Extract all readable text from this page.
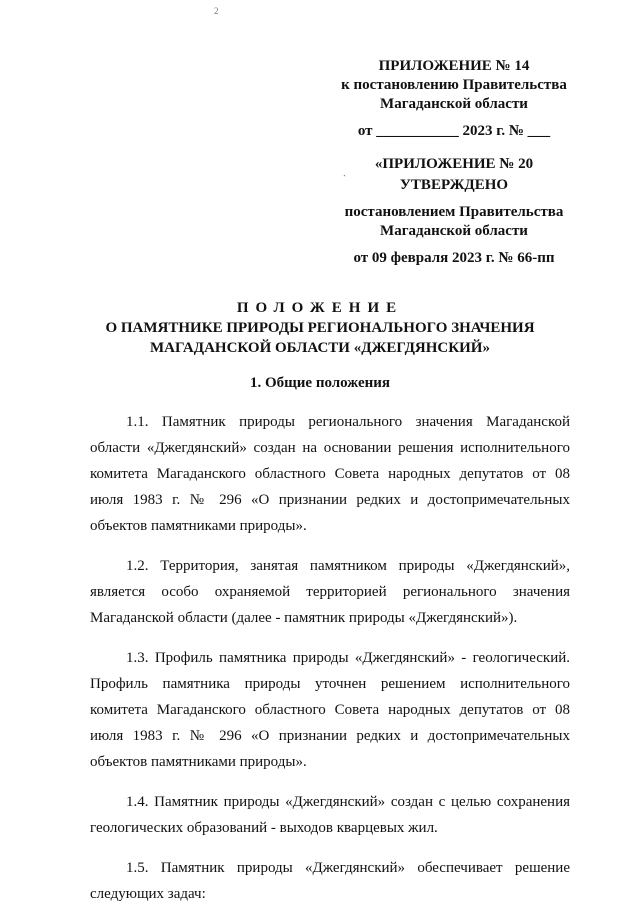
2
ПРИЛОЖЕНИЕ № 14
к постановлению Правительства
Магаданской области
от ___________ 2023 г. № ___
«ПРИЛОЖЕНИЕ № 20
ˏ
УТВЕРЖДЕНО
постановлением Правительства
Магаданской области
от 09 февраля 2023 г. № 66-пп
ПОЛОЖЕНИЕ
О ПАМЯТНИКЕ ПРИРОДЫ РЕГИОНАЛЬНОГО ЗНАЧЕНИЯ
МАГАДАНСКОЙ ОБЛАСТИ «ДЖЕГДЯНСКИЙ»
1. Общие положения

1.1. Памятник природы регионального значения Магаданской области «Джегдянский» создан на основании решения исполнительного комитета Магаданского областного Совета народных депутатов от 08 июля 1983 г. № 296 «О признании редких и достопримечательных объектов памятниками природы».

1.2. Территория, занятая памятником природы «Джегдянский», является особо охраняемой территорией регионального значения Магаданской области (далее - памятник природы «Джегдянский»).

1.3. Профиль памятника природы «Джегдянский» - геологический. Профиль памятника природы уточнен решением исполнительного комитета Магаданского областного Совета народных депутатов от 08 июля 1983 г. № 296 «О признании редких и достопримечательных объектов памятниками природы».

1.4. Памятник природы «Джегдянский» создан с целью сохранения геологических образований - выходов кварцевых жил.

1.5. Памятник природы «Джегдянский» обеспечивает решение следующих задач:
